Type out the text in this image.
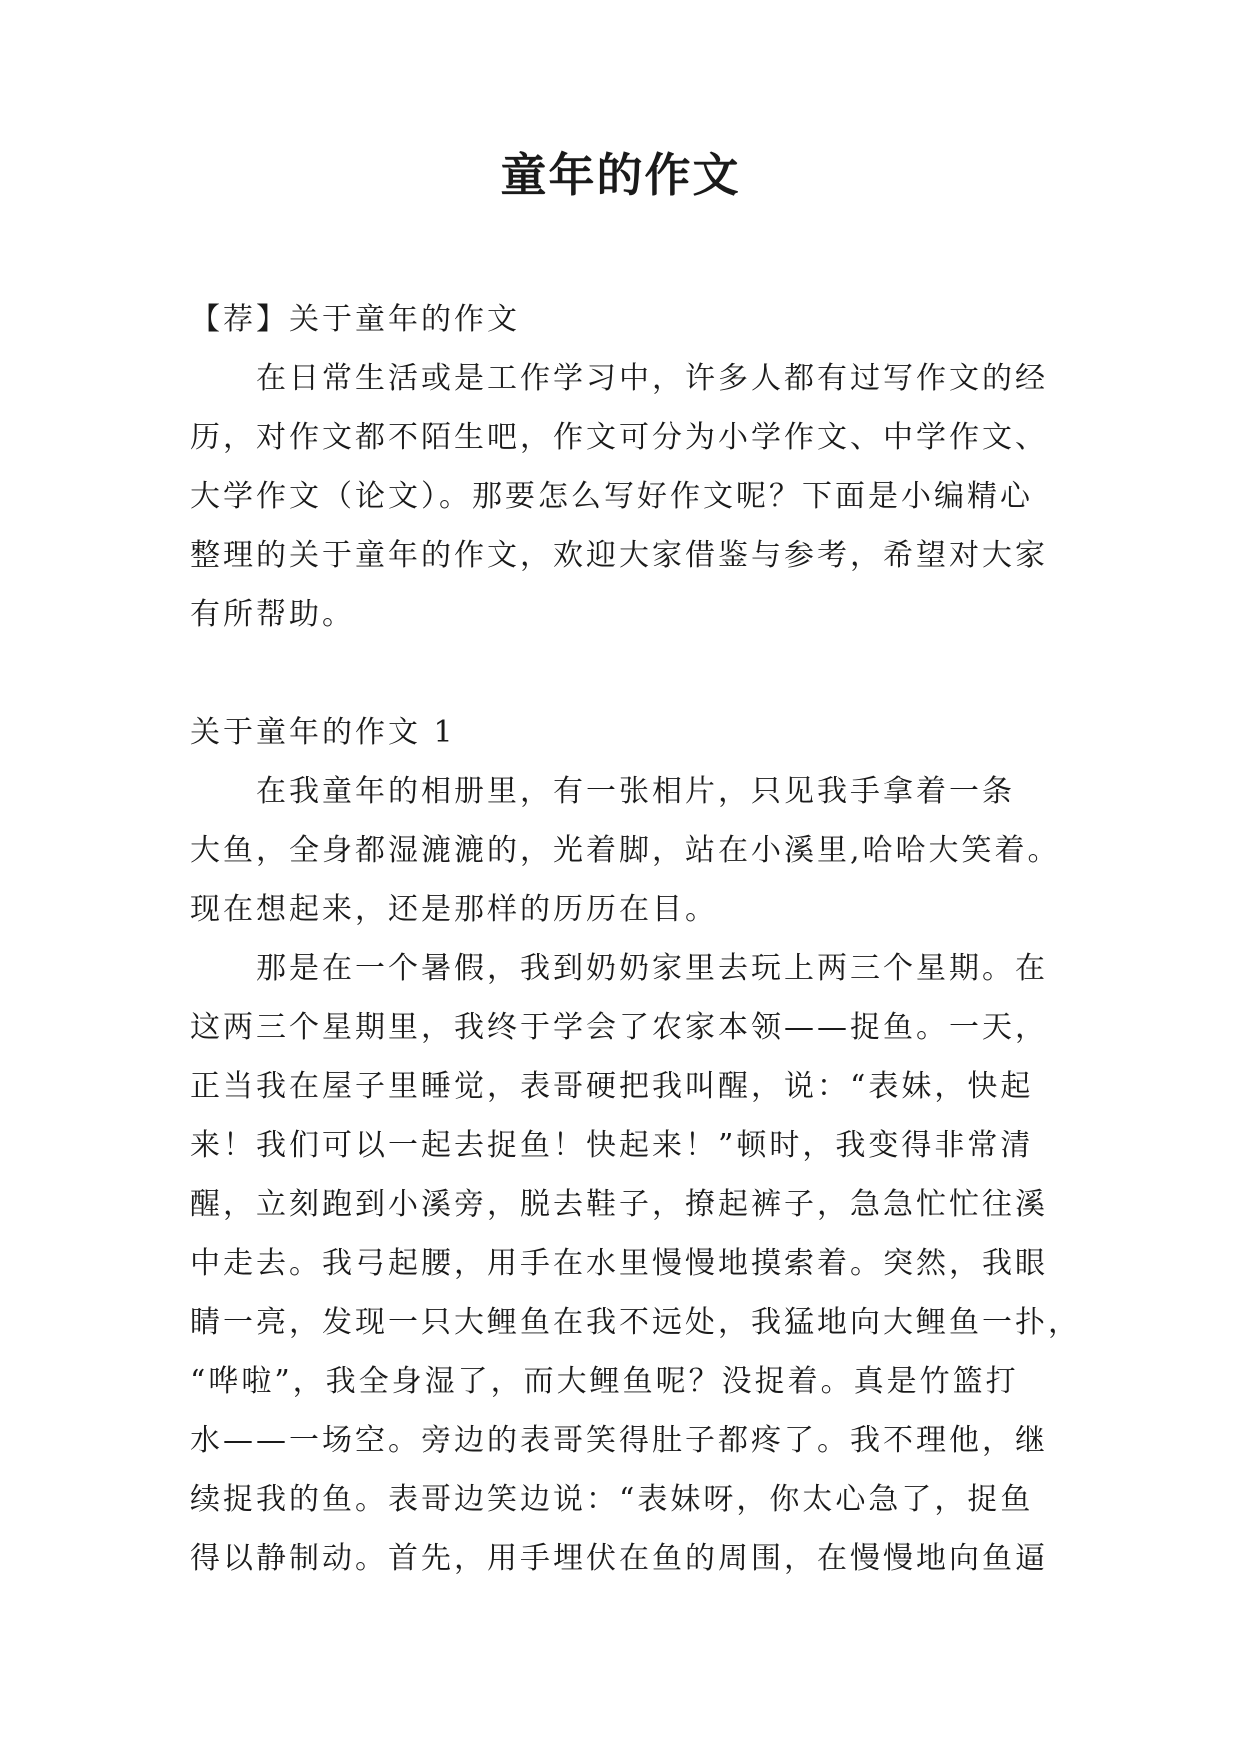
童年的作文

【荐】关于童年的作文

　　在日常生活或是工作学习中，许多人都有过写作文的经

历，对作文都不陌生吧，作文可分为小学作文、中学作文、

大学作文（论文）。那要怎么写好作文呢？下面是小编精心

整理的关于童年的作文，欢迎大家借鉴与参考，希望对大家

有所帮助。

关于童年的作文 1

　　在我童年的相册里，有一张相片，只见我手拿着一条

大鱼，全身都湿漉漉的，光着脚，站在小溪里,哈哈大笑着。

现在想起来，还是那样的历历在目。

　　那是在一个暑假，我到奶奶家里去玩上两三个星期。在

这两三个星期里，我终于学会了农家本领——捉鱼。一天，

正当我在屋子里睡觉，表哥硬把我叫醒，说：“表妹，快起

来！我们可以一起去捉鱼！快起来！”顿时，我变得非常清

醒，立刻跑到小溪旁，脱去鞋子，撩起裤子，急急忙忙往溪

中走去。我弓起腰，用手在水里慢慢地摸索着。突然，我眼

睛一亮，发现一只大鲤鱼在我不远处，我猛地向大鲤鱼一扑，

“哗啦”，我全身湿了，而大鲤鱼呢？没捉着。真是竹篮打

水——一场空。旁边的表哥笑得肚子都疼了。我不理他，继

续捉我的鱼。表哥边笑边说：“表妹呀，你太心急了，捉鱼

得以静制动。首先，用手埋伏在鱼的周围，在慢慢地向鱼逼
